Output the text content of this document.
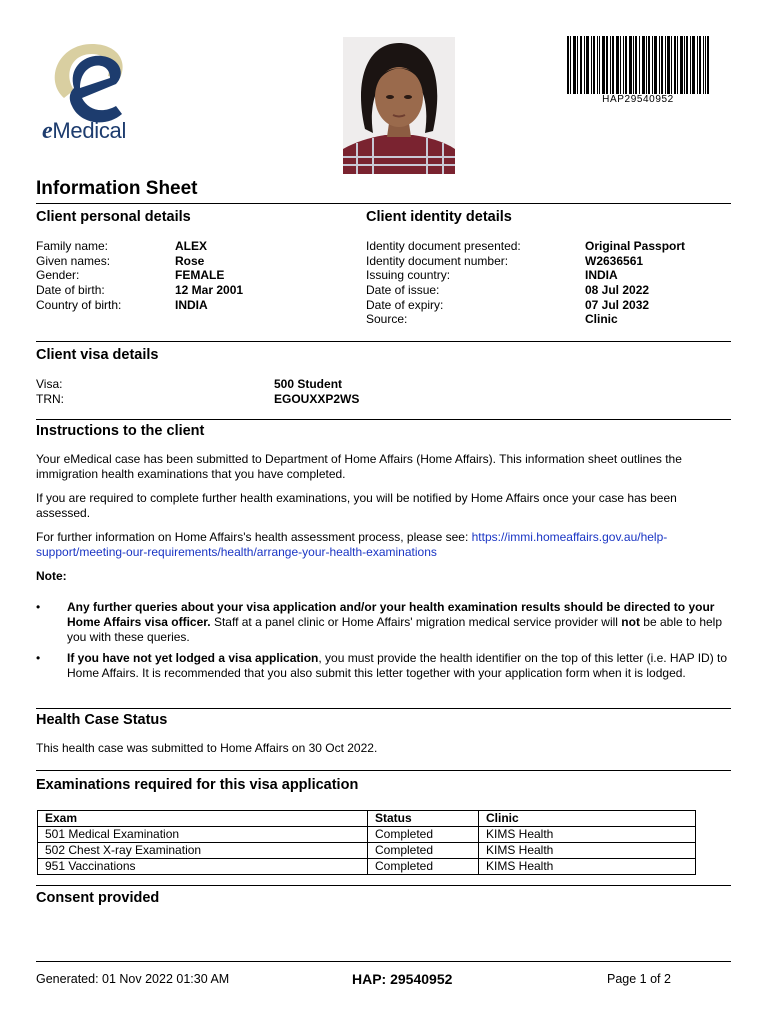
eMedical
HAP29540952
Information Sheet
Client personal details	Client identity details
Family name:	ALEX
Given names:	Rose
Gender:	FEMALE
Date of birth:	12 Mar 2001
Country of birth:	INDIA
Identity document presented:	Original Passport
Identity document number:	W2636561
Issuing country:	INDIA
Date of issue:	08 Jul 2022
Date of expiry:	07 Jul 2032
Source:	Clinic
Client visa details
Visa:	500 Student
TRN:	EGOUXXP2WS
Instructions to the client
Your eMedical case has been submitted to Department of Home Affairs (Home Affairs). This information sheet outlines the immigration health examinations that you have completed.
If you are required to complete further health examinations, you will be notified by Home Affairs once your case has been assessed.
For further information on Home Affairs's health assessment process, please see: https://immi.homeaffairs.gov.au/help-support/meeting-our-requirements/health/arrange-your-health-examinations
Note:
•	Any further queries about your visa application and/or your health examination results should be directed to your Home Affairs visa officer. Staff at a panel clinic or Home Affairs' migration medical service provider will not be able to help you with these queries.
•	If you have not yet lodged a visa application, you must provide the health identifier on the top of this letter (i.e. HAP ID) to Home Affairs. It is recommended that you also submit this letter together with your application form when it is lodged.
Health Case Status
This health case was submitted to Home Affairs on 30 Oct 2022.
Examinations required for this visa application
Exam	Status	Clinic
501 Medical Examination	Completed	KIMS Health
502 Chest X-ray Examination	Completed	KIMS Health
951 Vaccinations	Completed	KIMS Health
Consent provided
Generated: 01 Nov 2022 01:30 AM	HAP: 29540952	Page 1 of 2
